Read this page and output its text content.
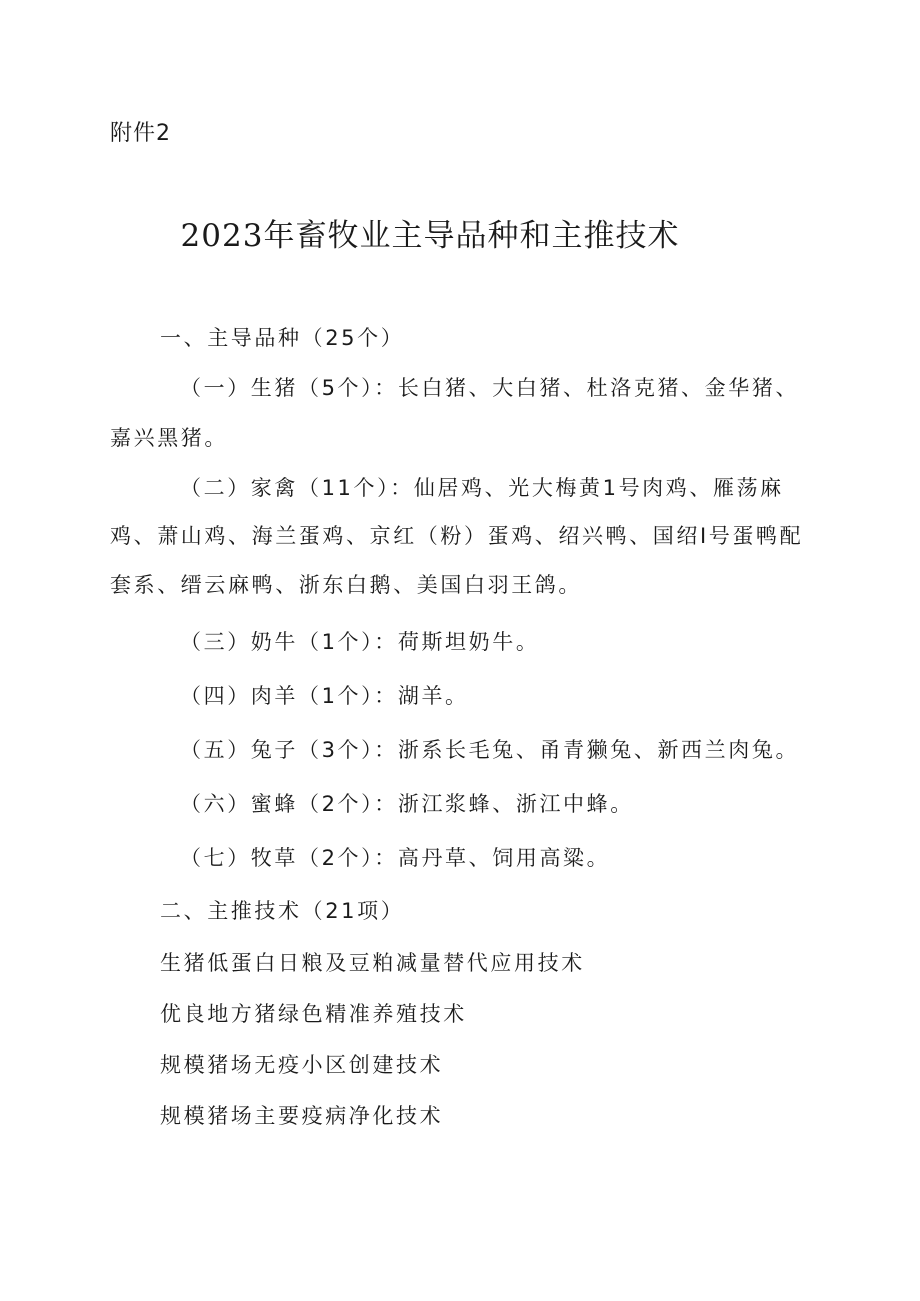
附件2
2023年畜牧业主导品种和主推技术
一、主导品种（25个）
（一）生猪（5个）：长白猪、大白猪、杜洛克猪、金华猪、
嘉兴黑猪。
（二）家禽（11个）：仙居鸡、光大梅黄1号肉鸡、雁荡麻
鸡、萧山鸡、海兰蛋鸡、京红（粉）蛋鸡、绍兴鸭、国绍Ⅰ号蛋鸭配
套系、缙云麻鸭、浙东白鹅、美国白羽王鸽。
（三）奶牛（1个）：荷斯坦奶牛。
（四）肉羊（1个）：湖羊。
（五）兔子（3个）：浙系长毛兔、甬青獭兔、新西兰肉兔。
（六）蜜蜂（2个）：浙江浆蜂、浙江中蜂。
（七）牧草（2个）：高丹草、饲用高粱。
二、主推技术（21项）
生猪低蛋白日粮及豆粕减量替代应用技术
优良地方猪绿色精准养殖技术
规模猪场无疫小区创建技术
规模猪场主要疫病净化技术
